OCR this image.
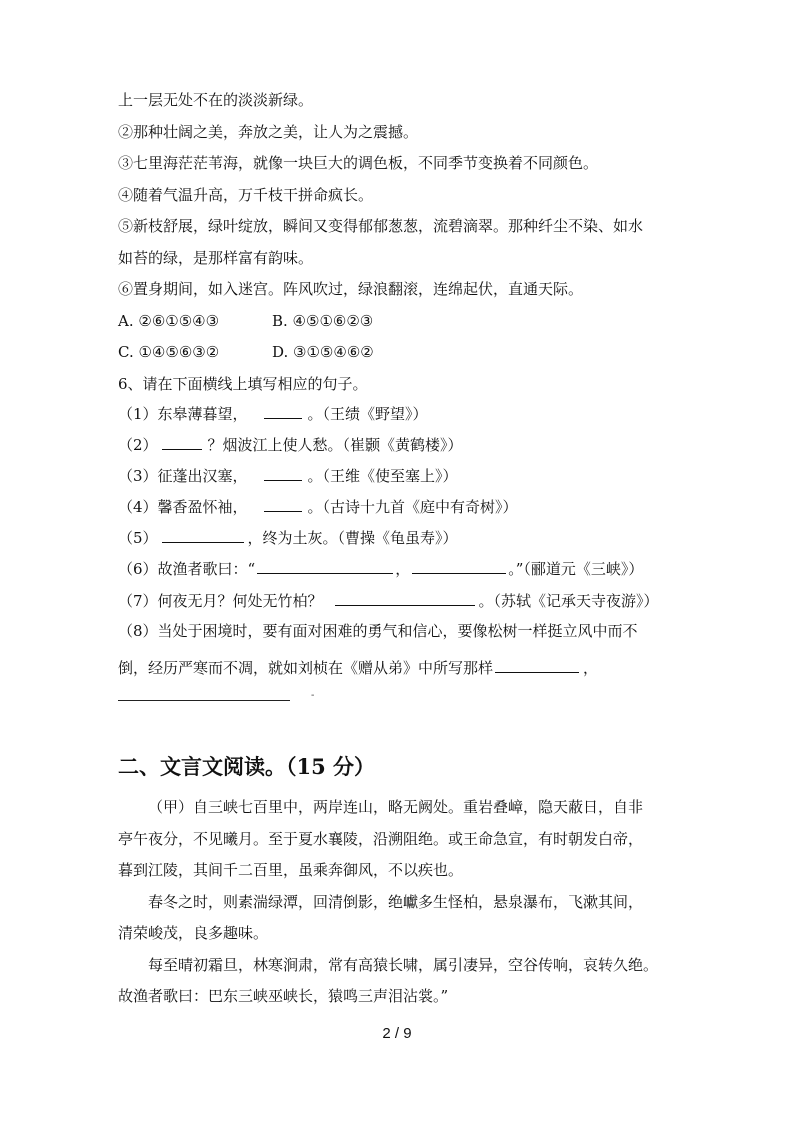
上一层无处不在的淡淡新绿。
②那种壮阔之美，奔放之美，让人为之震撼。
③七里海茫茫苇海，就像一块巨大的调色板，不同季节变换着不同颜色。
④随着气温升高，万千枝干拼命疯长。
⑤新枝舒展，绿叶绽放，瞬间又变得郁郁葱葱，流碧滴翠。那种纤尘不染、如水
如苔的绿，是那样富有韵味。
⑥置身期间，如入迷宫。阵风吹过，绿浪翻滚，连绵起伏，直通天际。
A. ②⑥①⑤④③	B. ④⑤①⑥②③
C. ①④⑤⑥③②	D. ③①⑤④⑥②
6、请在下面横线上填写相应的句子。
（1）东皋薄暮望，	。（王绩《野望》）
（2）	？烟波江上使人愁。（崔颢《黄鹤楼》）
（3）征蓬出汉塞，	。（王维《使至塞上》）
（4）馨香盈怀袖，	。（古诗十九首《庭中有奇树》）
（5）	，终为土灰。（曹操《龟虽寿》）
（6）故渔者歌曰：“	，	。”（郦道元《三峡》）
（7）何夜无月？何处无竹柏？	。（苏轼《记承天寺夜游》）
（8）当处于困境时，要有面对困难的勇气和信心，要像松树一样挺立风中而不
倒，经历严寒而不凋，就如刘桢在《赠从弟》中所写那样	，
-
二、文言文阅读。（15 分）
（甲）自三峡七百里中，两岸连山，略无阙处。重岩叠嶂，隐天蔽日，自非
亭午夜分，不见曦月。至于夏水襄陵，沿溯阻绝。或王命急宣，有时朝发白帝，
暮到江陵，其间千二百里，虽乘奔御风，不以疾也。
春冬之时，则素湍绿潭，回清倒影，绝巘多生怪柏，悬泉瀑布，飞漱其间，
清荣峻茂，良多趣味。
每至晴初霜旦，林寒涧肃，常有高猿长啸，属引凄异，空谷传响，哀转久绝。
故渔者歌曰：巴东三峡巫峡长，猿鸣三声泪沾裳。”
2 / 9
